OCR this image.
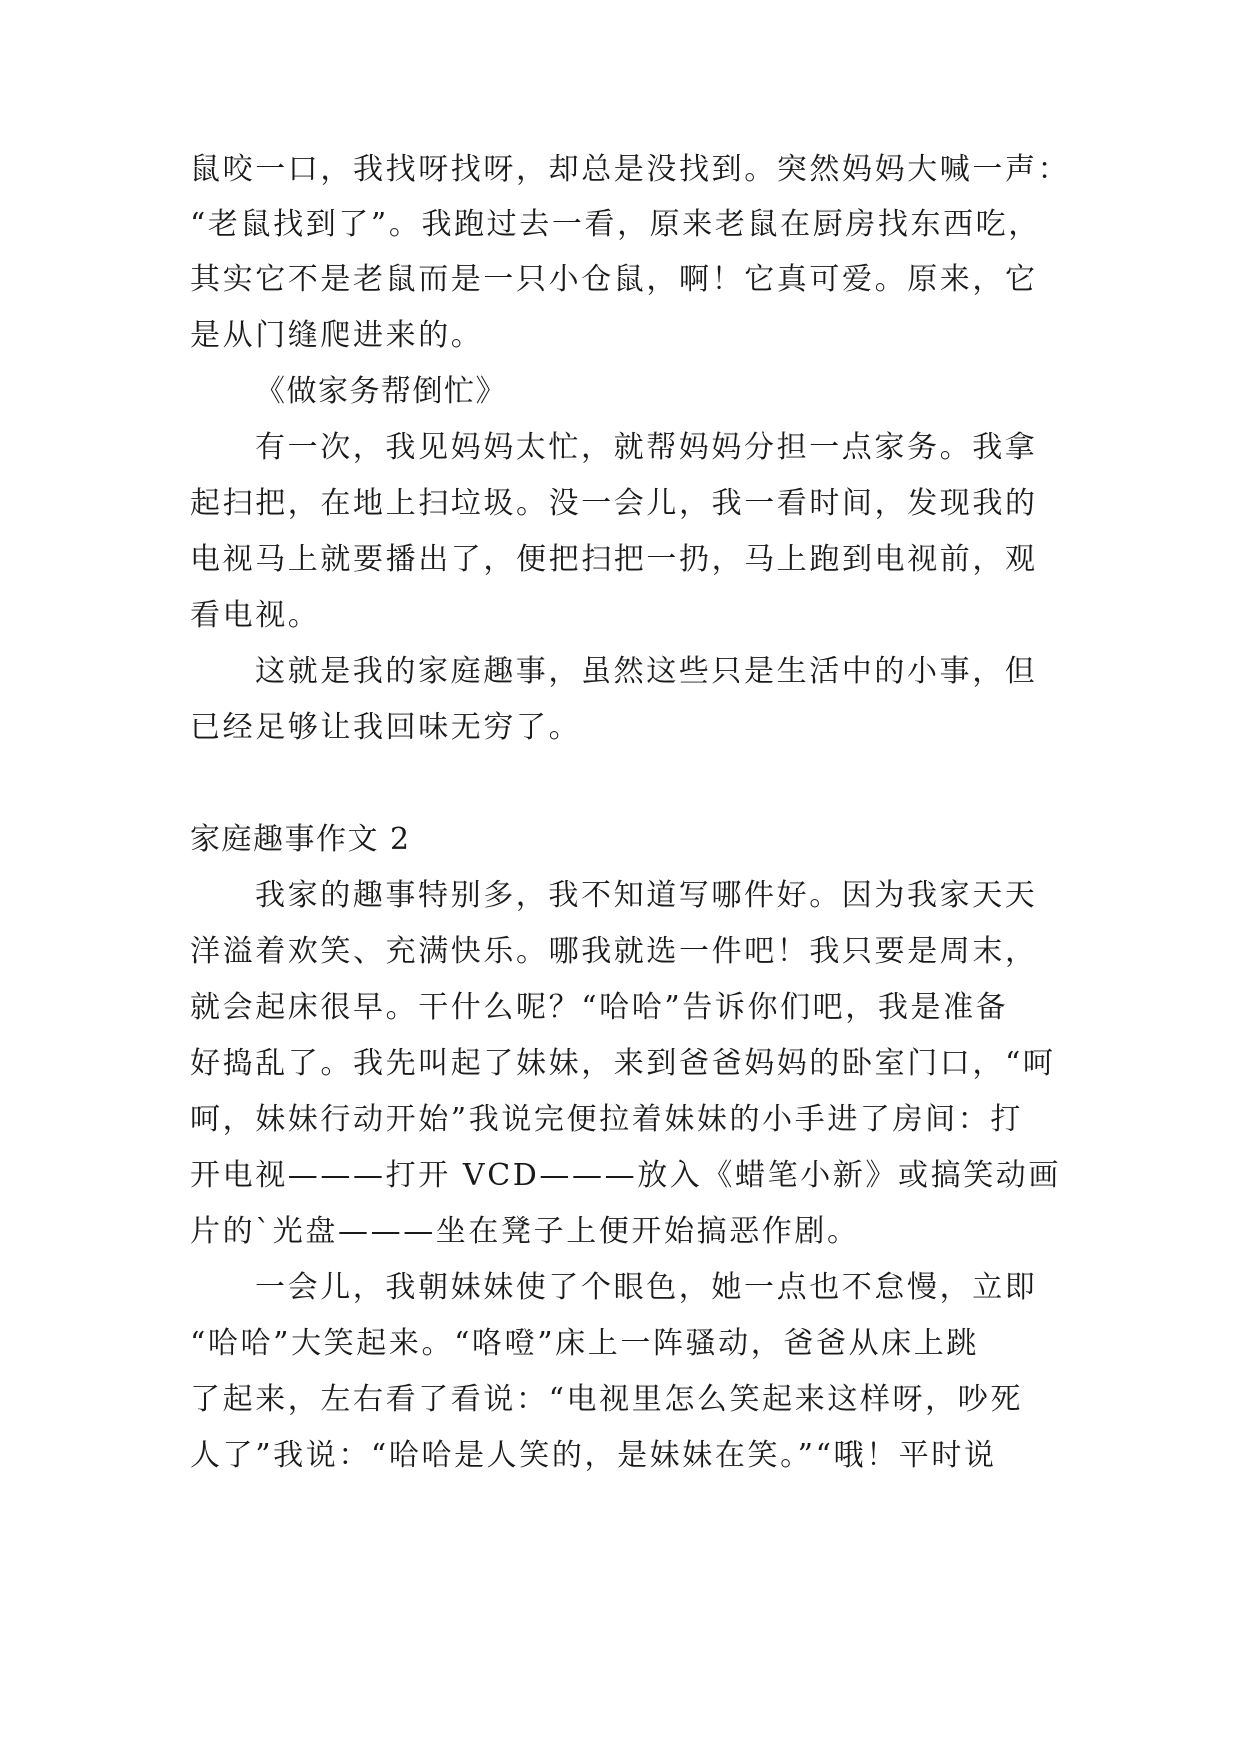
鼠咬一口，我找呀找呀，却总是没找到。突然妈妈大喊一声：
“老鼠找到了”。我跑过去一看，原来老鼠在厨房找东西吃，
其实它不是老鼠而是一只小仓鼠，啊！它真可爱。原来，它
是从门缝爬进来的。
《做家务帮倒忙》
有一次，我见妈妈太忙，就帮妈妈分担一点家务。我拿
起扫把，在地上扫垃圾。没一会儿，我一看时间，发现我的
电视马上就要播出了，便把扫把一扔，马上跑到电视前，观
看电视。
这就是我的家庭趣事，虽然这些只是生活中的小事，但
已经足够让我回味无穷了。
家庭趣事作文 2
我家的趣事特别多，我不知道写哪件好。因为我家天天
洋溢着欢笑、充满快乐。哪我就选一件吧！我只要是周末，
就会起床很早。干什么呢？“哈哈”告诉你们吧，我是准备
好捣乱了。我先叫起了妹妹，来到爸爸妈妈的卧室门口，“呵
呵，妹妹行动开始”我说完便拉着妹妹的小手进了房间：打
开电视———打开 VCD———放入《蜡笔小新》或搞笑动画
片的`光盘———坐在凳子上便开始搞恶作剧。
一会儿，我朝妹妹使了个眼色，她一点也不怠慢，立即
“哈哈”大笑起来。“咯噔”床上一阵骚动，爸爸从床上跳
了起来，左右看了看说：“电视里怎么笑起来这样呀，吵死
人了”我说：“哈哈是人笑的，是妹妹在笑。”“哦！平时说
